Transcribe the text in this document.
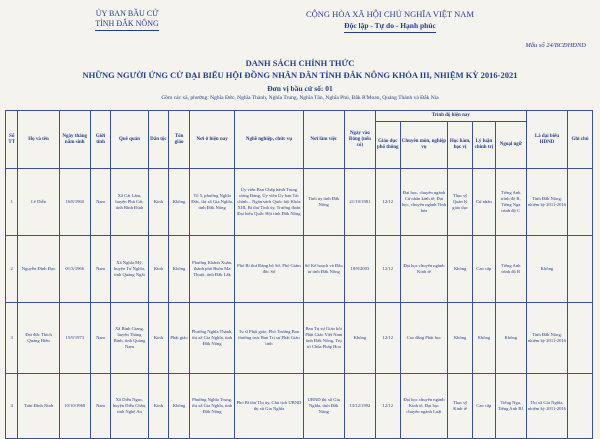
ỦY BAN BẦU CỬ
TỈNH ĐẮK NÔNG
CỘNG HÒA XÃ HỘI CHỦ NGHĨA VIỆT NAM
Độc lập - Tự do - Hạnh phúc
Mẫu số 24/BCĐHĐND
DANH SÁCH CHÍNH THỨC
NHỮNG NGƯỜI ỨNG CỬ ĐẠI BIỂU HỘI ĐỒNG NHÂN DÂN TỈNH ĐẮK NÔNG KHÓA III, NHIỆM KỲ 2016-2021
Đơn vị bầu cử số: 01
Gồm các xã, phường: Nghĩa Đức, Nghĩa Thành, Nghĩa Trung, Nghĩa Tân, Nghĩa Phú, Đắk R'Moan, Quảng Thành và Đắk Nia
Số TT	Họ và tên	Ngày tháng năm sinh	Giới tính	Quê quán	Dân tộc	Tôn giáo	Nơi ở hiện nay	Nghề nghiệp, chức vụ	Nơi làm việc	Ngày vào Đảng (nếu có)	Trình độ hiện nay					Là đại biểu HĐND	Ghi chú
											Giáo dục phổ thông	Chuyên môn, nghiệp vụ	Học hàm, học vị	Lý luận chính trị	Ngoại ngữ		
1	Lê Diễn	16/8/1960	Nam	Xã Cát Lâm, huyện Phù Cát, tỉnh Bình Định	Kinh	Không	Tổ 5, phường Nghĩa Đức, thị xã Gia Nghĩa, tỉnh Đắk Nông	Ủy viên Ban Chấp hành Trung ương Đảng, Ủy viên Ủy ban Tài chính – Ngân sách Quốc hội Khóa XIII, Bí thư Tỉnh ủy, Trưởng đoàn Đại biểu Quốc Hội tỉnh Đắk Nông	Tỉnh ủy tỉnh Đắk Nông	21/10/1981	12/12	Đại học, chuyên ngành Cử nhân kinh tế; Đại học, chuyên ngành Tinh hóa	Thạc sỹ Quản lý giáo dục	Cử nhân	Tiếng Anh trình độ B, Tiếng Nga trình độ C	Tỉnh Đắk Nông, nhiệm kỳ 2011-2016	
2	Nguyễn Đình Đạo	01/3/1966	Nam	Xã Nghĩa Mỹ, huyện Tư Nghĩa, tỉnh Quảng Ngãi	Kinh	Không	Phường Khánh Xuân, thành phố Buôn Ma Thuột, tỉnh Đắk Lắk	Phó Bí thư Đảng bộ Sở, Phó Giám đốc Sở	Sở Kế hoạch và Đầu tư tỉnh Đắk Nông	18/8/2003	12/12	Đại học chuyên ngành Kinh tế	Không	Cao cấp	Tiếng Anh trình độ B	Không	
3	Đại đức Thích Quảng Hiền	15/9/1973	Nam	Xã Bình Giang, huyện Thăng Bình, tỉnh Quảng Nam	Kinh	Phật giáo	Phường Nghĩa Thành, thị xã Gia Nghĩa, tỉnh Đắk Nông	Tu sĩ Phật giáo; Phó Trưởng Ban thường trực Ban Trị sự Phật Giáo tỉnh	Ban Trị sự Giáo hội Phật Giáo Việt Nam tỉnh Đắk Nông, Trụ trì Chùa Pháp Hoa	Không	12/12	Cao đẳng Phật học	Không	Không	Không	Tỉnh Đắk Nông, nhiệm kỳ 2011-2016	
4	Trần Đình Ninh	10/10/1968	Nam	Xã Diễn Ngọc, huyện Diễn Châu, tỉnh Nghệ An	Kinh	Không	Phường Nghĩa Trung, thị xã Gia Nghĩa, tỉnh Đắk Nông	Phó Bí thư Thị ủy, Chủ tịch UBND thị xã Gia Nghĩa	UBND thị xã Gia Nghĩa, tỉnh Đắk Nông	13/12/1992	12/12	Đại học chuyên ngành Kinh tế, Đại học chuyên ngành Luật	Thạc sỹ Kinh tế	Cao cấp	Tiếng Nga, Tiếng Anh B1	Thị xã Gia Nghĩa, nhiệm kỳ 2011-2016	
